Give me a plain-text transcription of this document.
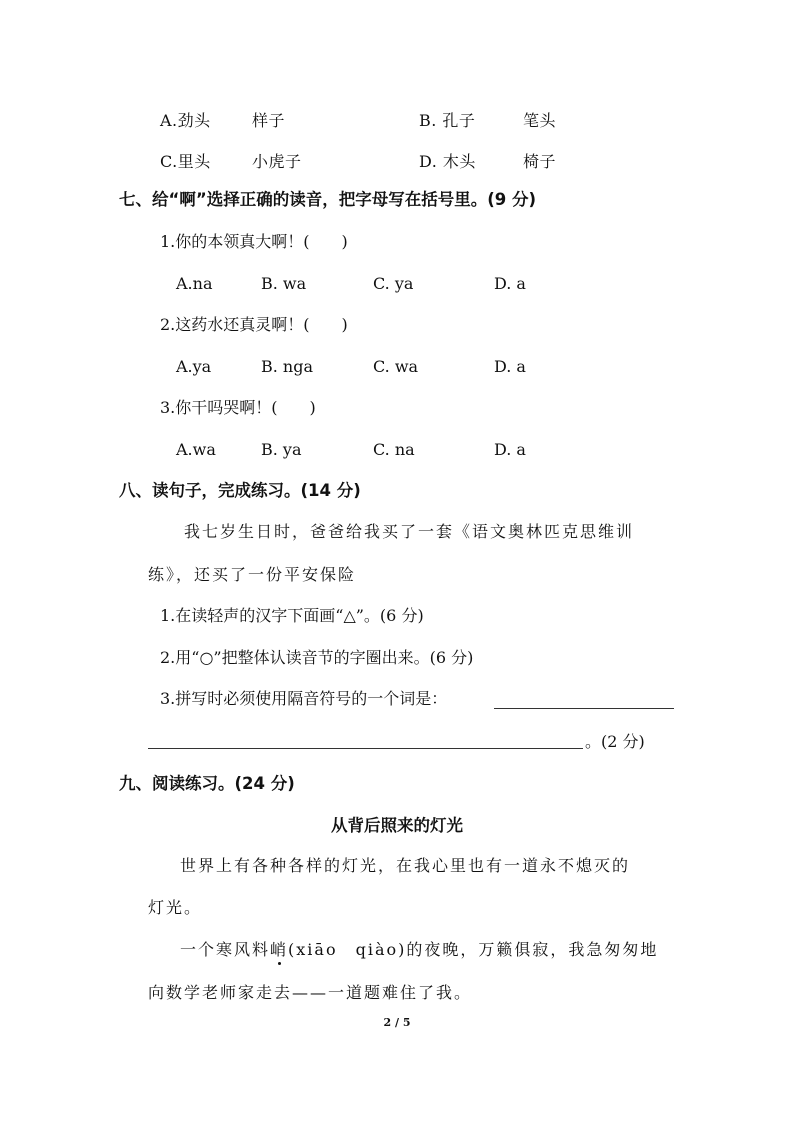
A.劲头	样子	B. 孔子	笔头
C.里头	小虎子	D. 木头	椅子
七、给“啊”选择正确的读音，把字母写在括号里。(9 分)
1.你的本领真大啊！(　　)
A.na	B. wa	C. ya	D. a
2.这药水还真灵啊！(　　)
A.ya	B. nga	C. wa	D. a
3.你干吗哭啊！(　　)
A.wa	B. ya	C. na	D. a
八、读句子，完成练习。(14 分)
我七岁生日时，爸爸给我买了一套《语文奥林匹克思维训
练》，还买了一份平安保险
1.在读轻声的汉字下面画“△”。(6 分)
2.用“○”把整体认读音节的字圈出来。(6 分)
3.拼写时必须使用隔音符号的一个词是：
。(2 分)
九、阅读练习。(24 分)
从背后照来的灯光
世界上有各种各样的灯光，在我心里也有一道永不熄灭的
灯光。
一个寒风料峭(xiāo　qiào)的夜晚，万籁俱寂，我急匆匆地
向数学老师家走去——一道题难住了我。
2 / 5
